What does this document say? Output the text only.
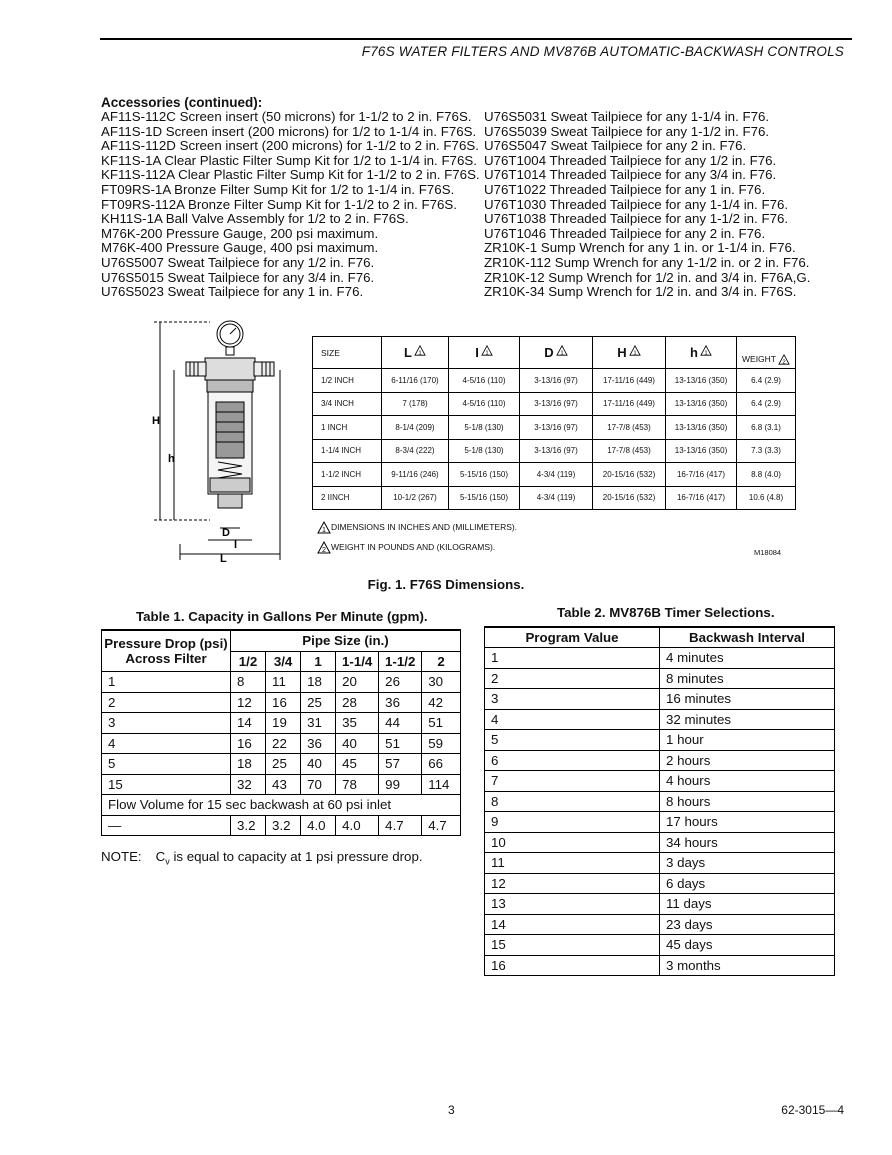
F76S WATER FILTERS AND MV876B AUTOMATIC-BACKWASH CONTROLS
Accessories (continued):
AF11S-112C Screen insert (50 microns) for 1-1/2 to 2 in. F76S.
AF11S-1D Screen insert (200 microns) for 1/2 to 1-1/4 in. F76S.
AF11S-112D Screen insert (200 microns) for 1-1/2 to 2 in. F76S.
KF11S-1A Clear Plastic Filter Sump Kit for 1/2 to 1-1/4 in. F76S.
KF11S-112A Clear Plastic Filter Sump Kit for 1-1/2 to 2 in. F76S.
FT09RS-1A Bronze Filter Sump Kit for 1/2 to 1-1/4 in. F76S.
FT09RS-112A Bronze Filter Sump Kit for 1-1/2 to 2 in. F76S.
KH11S-1A Ball Valve Assembly for 1/2 to 2 in. F76S.
M76K-200 Pressure Gauge, 200 psi maximum.
M76K-400 Pressure Gauge, 400 psi maximum.
U76S5007 Sweat Tailpiece for any 1/2 in. F76.
U76S5015 Sweat Tailpiece for any 3/4 in. F76.
U76S5023 Sweat Tailpiece for any 1 in. F76.
U76S5031 Sweat Tailpiece for any 1-1/4 in. F76.
U76S5039 Sweat Tailpiece for any 1-1/2 in. F76.
U76S5047 Sweat Tailpiece for any 2 in. F76.
U76T1004 Threaded Tailpiece for any 1/2 in. F76.
U76T1014 Threaded Tailpiece for any 3/4 in. F76.
U76T1022 Threaded Tailpiece for any 1 in. F76.
U76T1030 Threaded Tailpiece for any 1-1/4 in. F76.
U76T1038 Threaded Tailpiece for any 1-1/2 in. F76.
U76T1046 Threaded Tailpiece for any 2 in. F76.
ZR10K-1 Sump Wrench for any 1 in. or 1-1/4 in. F76.
ZR10K-112 Sump Wrench for any 1-1/2 in. or 2 in. F76.
ZR10K-12 Sump Wrench for 1/2 in. and 3/4 in. F76A,G.
ZR10K-34 Sump Wrench for 1/2 in. and 3/4 in. F76S.
H
h
D
I
L
SIZE	L 1	I 1	D 1	H 1	h 1	WEIGHT 2

1/2 INCH	6-11/16 (170)	4-5/16 (110)	3-13/16 (97)	17-11/16 (449)	13-13/16 (350)	6.4 (2.9)
3/4 INCH	7 (178)	4-5/16 (110)	3-13/16 (97)	17-11/16 (449)	13-13/16 (350)	6.4 (2.9)
1 INCH	8-1/4 (209)	5-1/8 (130)	3-13/16 (97)	17-7/8 (453)	13-13/16 (350)	6.8 (3.1)
1-1/4 INCH	8-3/4 (222)	5-1/8 (130)	3-13/16 (97)	17-7/8 (453)	13-13/16 (350)	7.3 (3.3)
1-1/2 INCH	9-11/16 (246)	5-15/16 (150)	4-3/4 (119)	20-15/16 (532)	16-7/16 (417)	8.8 (4.0)
2 IINCH	10-1/2 (267)	5-15/16 (150)	4-3/4 (119)	20-15/16 (532)	16-7/16 (417)	10.6 (4.8)
1 DIMENSIONS IN INCHES AND (MILLIMETERS).
2 WEIGHT IN POUNDS AND (KILOGRAMS).
M18084
Fig. 1. F76S Dimensions.
Table 1. Capacity in Gallons Per Minute (gpm).
Pressure Drop (psi) Across Filter	Pipe Size (in.)					
	1/2	3/4	1	1-1/4	1-1/2	2
1	8	11	18	20	26	30
2	12	16	25	28	36	42
3	14	19	31	35	44	51
4	16	22	36	40	51	59
5	18	25	40	45	57	66
15	32	43	70	78	99	114
Flow Volume for 15 sec backwash at 60 psi inlet						
—	3.2	3.2	4.0	4.0	4.7	4.7
NOTE: $C_v$ is equal to capacity at 1 psi pressure drop.
Table 2. MV876B Timer Selections.
Program Value	Backwash Interval
1	4 minutes
2	8 minutes
3	16 minutes
4	32 minutes
5	1 hour
6	2 hours
7	4 hours
8	8 hours
9	17 hours
10	34 hours
11	3 days
12	6 days
13	11 days
14	23 days
15	45 days
16	3 months
3	62-3015—4
